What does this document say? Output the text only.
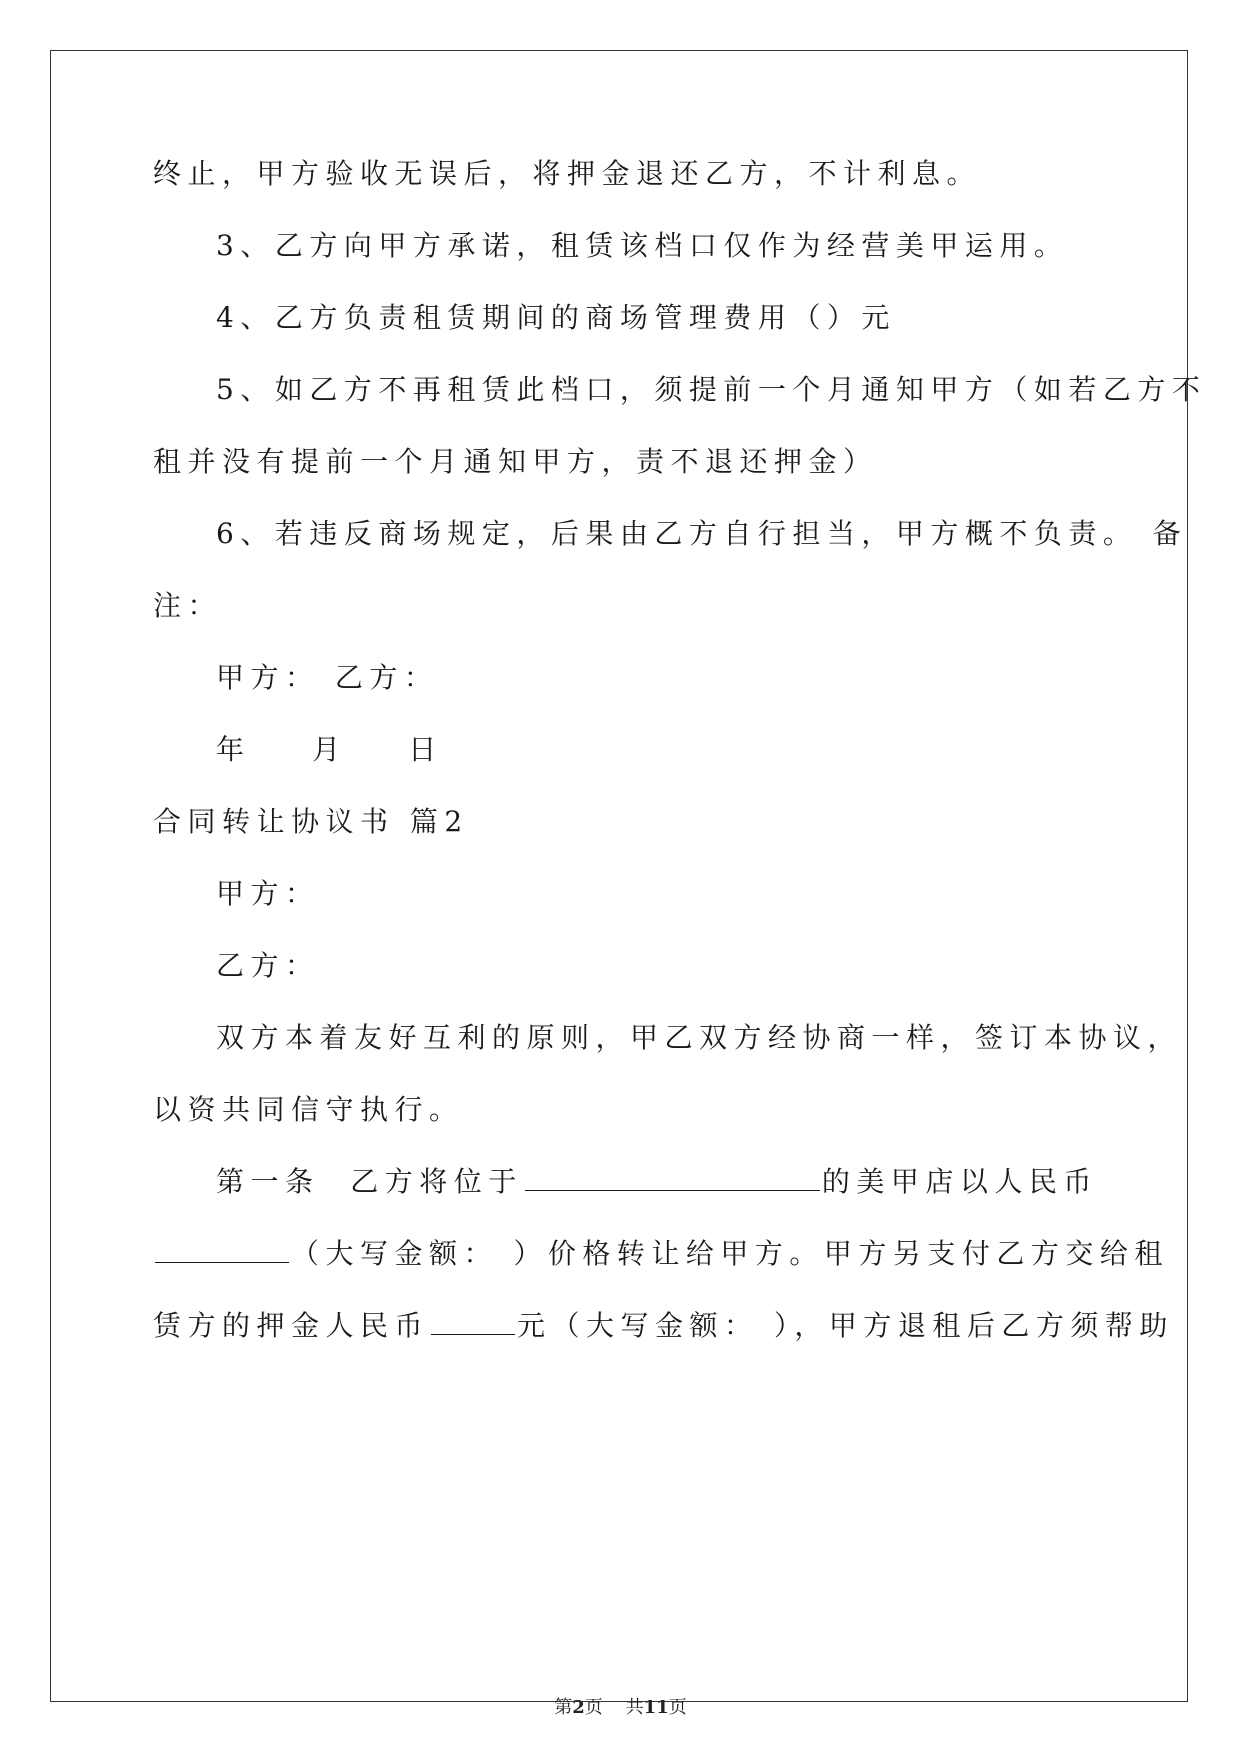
终止，甲方验收无误后，将押金退还乙方，不计利息。
3、乙方向甲方承诺，租赁该档口仅作为经营美甲运用。
4、乙方负责租赁期间的商场管理费用（）元
5、如乙方不再租赁此档口，须提前一个月通知甲方（如若乙方不
租并没有提前一个月通知甲方，责不退还押金）
6、若违反商场规定，后果由乙方自行担当，甲方概不负责。 备
注：
甲方： 乙方：
年    月    日
合同转让协议书 篇2
甲方：
乙方：
双方本着友好互利的原则，甲乙双方经协商一样，签订本协议，
以资共同信守执行。
第一条  乙方将位于	的美甲店以人民币
（大写金额： ）价格转让给甲方。甲方另支付乙方交给租
赁方的押金人民币	元（大写金额： ），甲方退租后乙方须帮助
第2页    共11页
